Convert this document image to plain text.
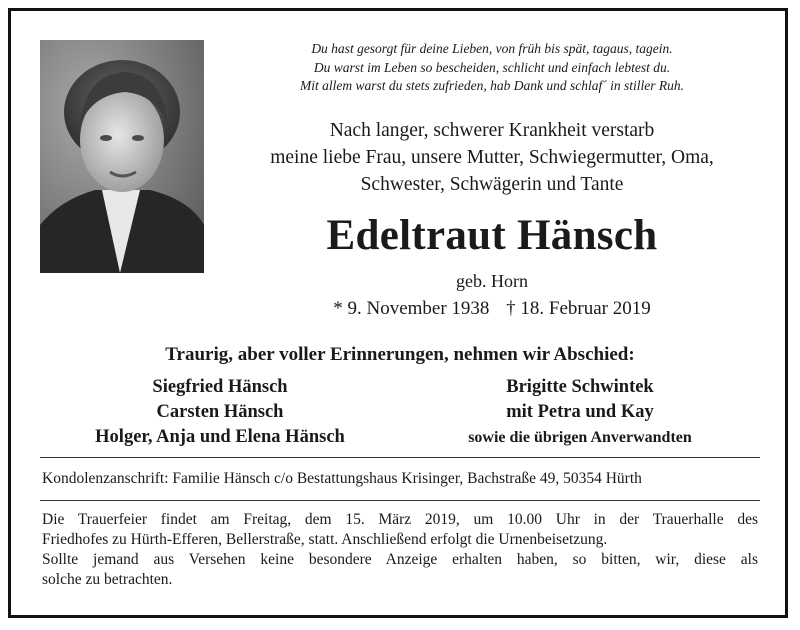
Du hast gesorgt für deine Lieben, von früh bis spät, tagaus, tagein.
Du warst im Leben so bescheiden, schlicht und einfach lebtest du.
Mit allem warst du stets zufrieden, hab Dank und schlaf´ in stiller Ruh.
Nach langer, schwerer Krankheit verstarb
meine liebe Frau, unsere Mutter, Schwiegermutter, Oma,
Schwester, Schwägerin und Tante
Edeltraut Hänsch
geb. Horn
* 9. November 1938 † 18. Februar 2019
Traurig, aber voller Erinnerungen, nehmen wir Abschied:
Siegfried Hänsch
Carsten Hänsch
Holger, Anja und Elena Hänsch
Brigitte Schwintek
mit Petra und Kay
sowie die übrigen Anverwandten
Kondolenzanschrift: Familie Hänsch c/o Bestattungshaus Krisinger, Bachstraße 49, 50354 Hürth

Die Trauerfeier findet am Freitag, dem 15. März 2019, um 10.00 Uhr in der Trauerhalle des

Friedhofes zu Hürth-Efferen, Bellerstraße, statt. Anschließend erfolgt die Urnenbeisetzung.

Sollte jemand aus Versehen keine besondere Anzeige erhalten haben, so bitten, wir, diese als

solche zu betrachten.
